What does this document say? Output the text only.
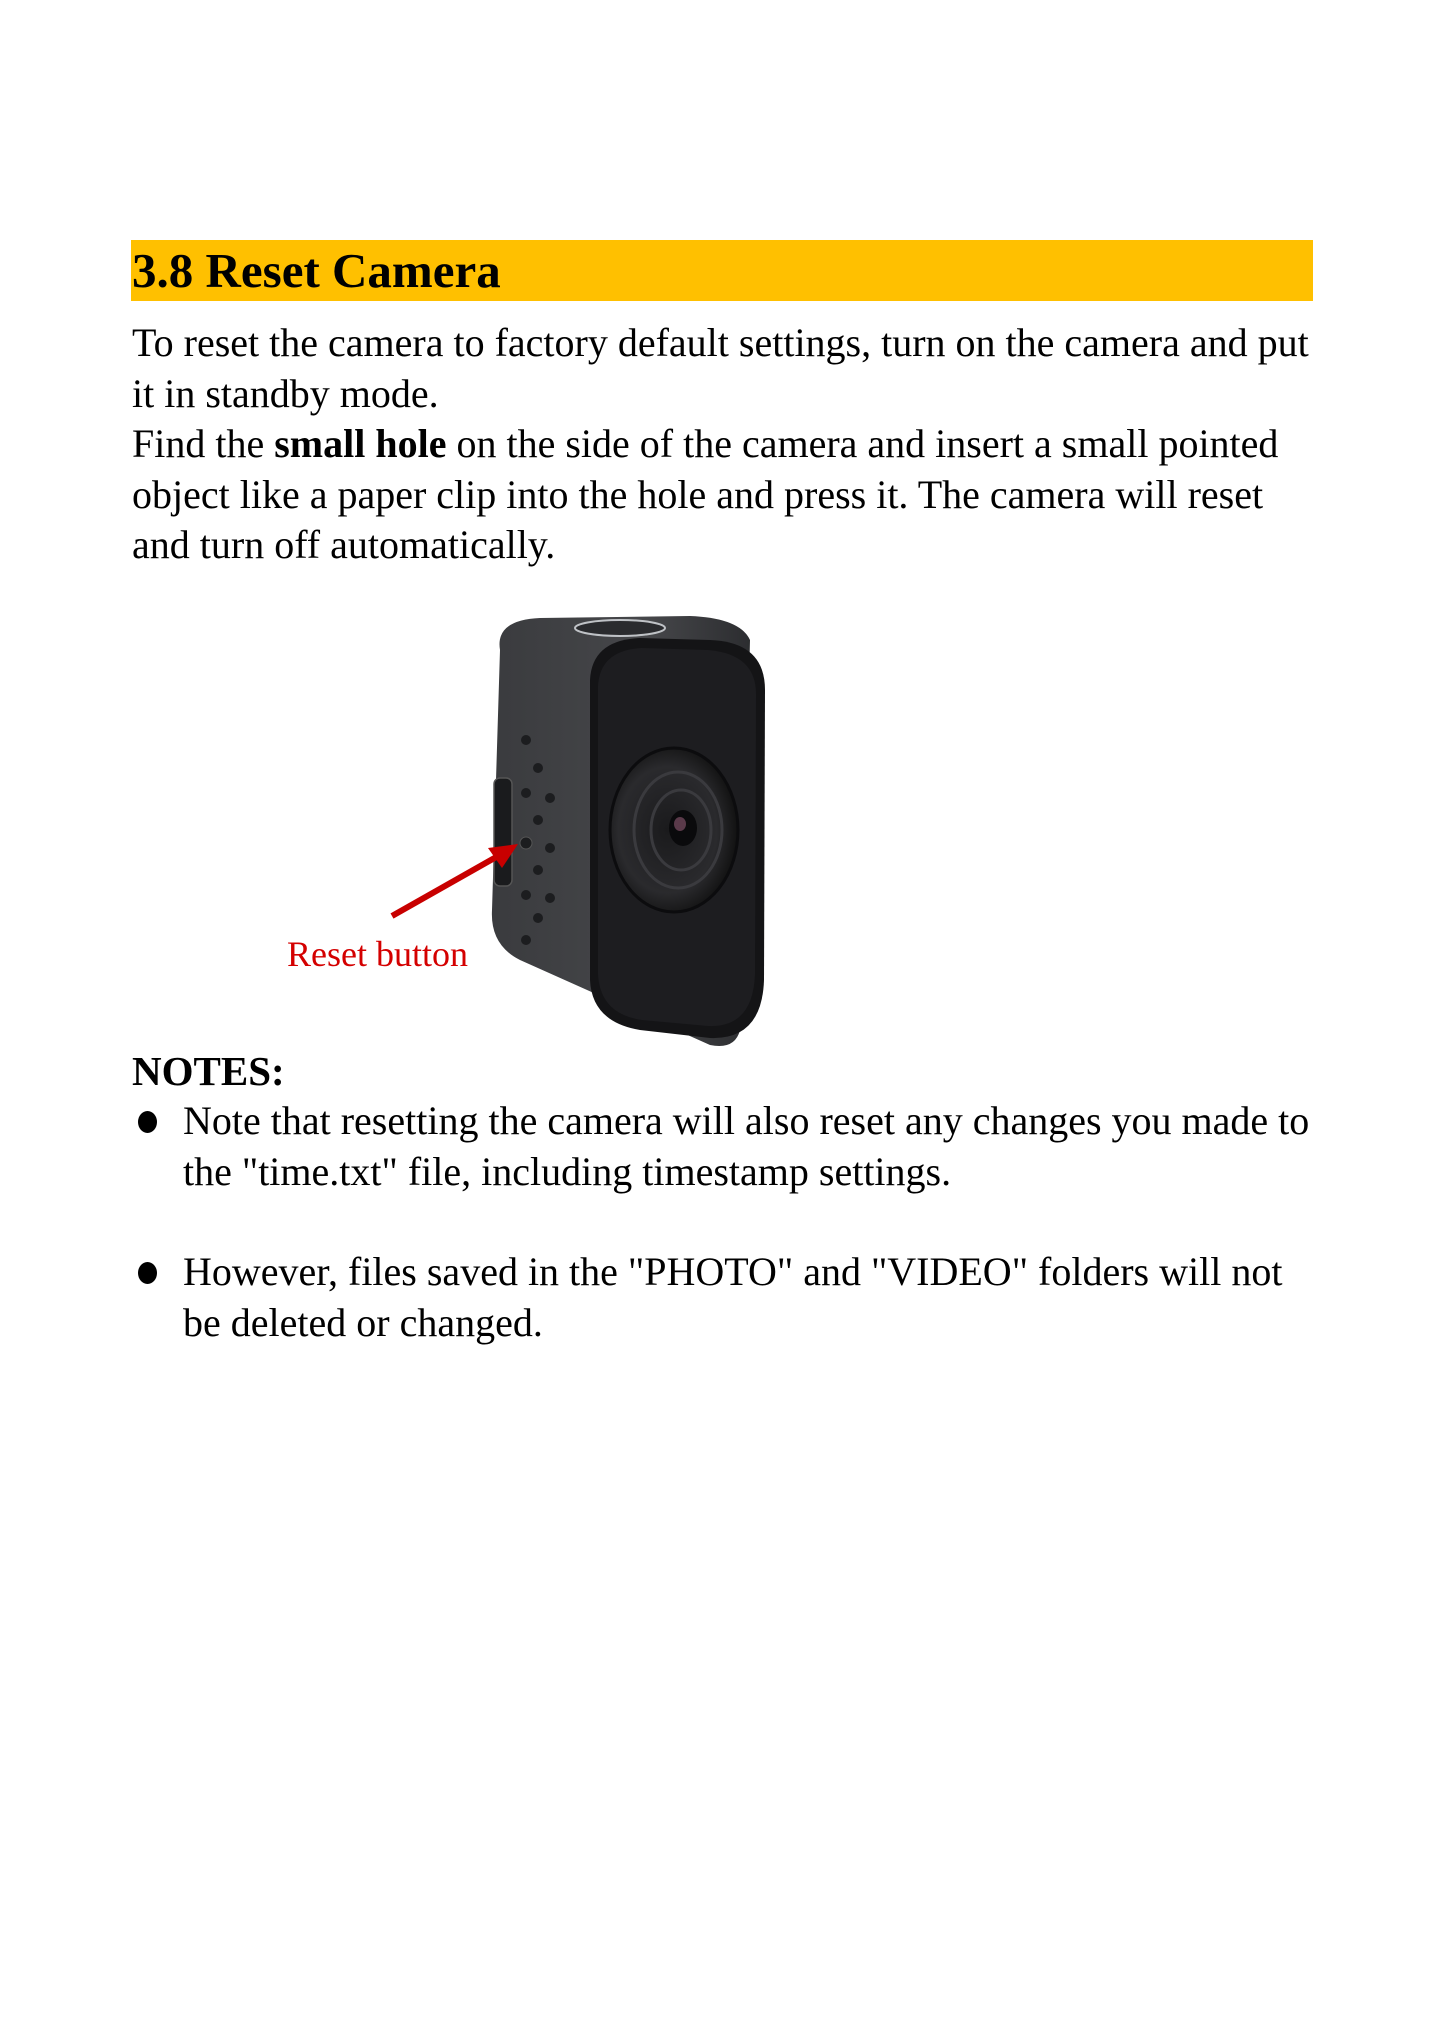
3.8 Reset Camera
To reset the camera to factory default settings, turn on the camera and put it in standby mode.
Find the small hole on the side of the camera and insert a small pointed object like a paper clip into the hole and press it. The camera will reset and turn off automatically.
Reset button
NOTES:
Note that resetting the camera will also reset any changes you made to the "time.txt" file, including timestamp settings.
However, files saved in the "PHOTO" and "VIDEO" folders will not be deleted or changed.
